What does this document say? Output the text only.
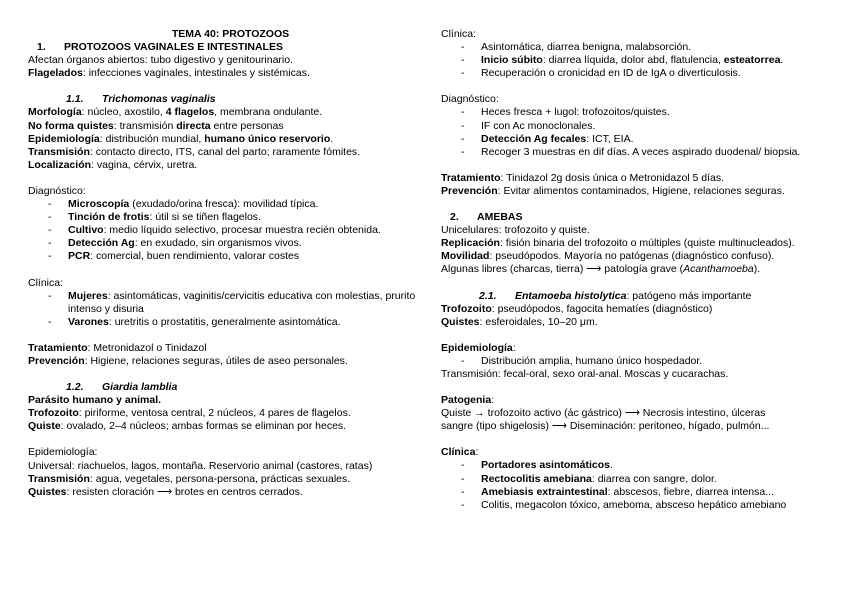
TEMA 40: PROTOZOOS
1. PROTOZOOS VAGINALES E INTESTINALES
Afectan órganos abiertos: tubo digestivo y genitourinario.
Flagelados: infecciones vaginales, intestinales y sistémicas.
1.1. Trichomonas vaginalis
Morfología: núcleo, axostilo, 4 flagelos, membrana ondulante.
No forma quistes: transmisión directa entre personas
Epidemiología: distribución mundial, humano único reservorio.
Transmisión: contacto directo, ITS, canal del parto; raramente fómites.
Localización: vagina, cérvix, uretra.
Diagnóstico:
- Microscopía (exudado/orina fresca): movilidad típica.
- Tinción de frotis: útil si se tiñen flagelos.
- Cultivo: medio líquido selectivo, procesar muestra recién obtenida.
- Detección Ag: en exudado, sin organismos vivos.
- PCR: comercial, buen rendimiento, valorar costes
Clínica:
- Mujeres: asintomáticas, vaginitis/cervicitis educativa con molestias, prurito intenso y disuria
- Varones: uretritis o prostatitis, generalmente asintomática.
Tratamiento: Metronidazol o Tinidazol
Prevención: Higiene, relaciones seguras, útiles de aseo personales.
1.2. Giardia lamblia
Parásito humano y animal.
Trofozoito: piriforme, ventosa central, 2 núcleos, 4 pares de flagelos.
Quiste: ovalado, 2–4 núcleos; ambas formas se eliminan por heces.
Epidemiología:
Universal: riachuelos, lagos, montaña. Reservorio animal (castores, ratas)
Transmisión: agua, vegetales, persona-persona, prácticas sexuales.
Quistes: resisten cloración ⟶ brotes en centros cerrados.
Clínica:
- Asintomática, diarrea benigna, malabsorción.
- Inicio súbito: diarrea líquida, dolor abd, flatulencia, esteatorrea.
- Recuperación o cronicidad en ID de IgA o diverticulosis.
Diagnóstico:
- Heces fresca + lugol: trofozoitos/quistes.
- IF con Ac monoclonales.
- Detección Ag fecales: ICT, EIA.
- Recoger 3 muestras en dif días. A veces aspirado duodenal/ biopsia.
Tratamiento: Tinidazol 2g dosis única o Metronidazol 5 días.
Prevención: Evitar alimentos contaminados, Higiene, relaciones seguras.
2. AMEBAS
Unicelulares: trofozoito y quiste.
Replicación: fisión binaria del trofozoito o múltiples (quiste multinucleados).
Movilidad: pseudópodos. Mayoría no patógenas (diagnóstico confuso).
Algunas libres (charcas, tierra) ⟶ patología grave (Acanthamoeba).
2.1. Entamoeba histolytica: patógeno más importante
Trofozoito: pseudópodos, fagocita hematíes (diagnóstico)
Quistes: esferoidales, 10–20 μm.
Epidemiología:
- Distribución amplia, humano único hospedador.
Transmisión: fecal-oral, sexo oral-anal. Moscas y cucarachas.
Patogenia:
Quiste → trofozoito activo (ác gástrico) ⟶ Necrosis intestino, úlceras
sangre (tipo shigelosis) ⟶ Diseminación: peritoneo, hígado, pulmón...
Clínica:
- Portadores asintomáticos.
- Rectocolitis amebiana: diarrea con sangre, dolor.
- Amebiasis extraintestinal: abscesos, fiebre, diarrea intensa...
- Colitis, megacolon tóxico, ameboma, absceso hepático amebiano
